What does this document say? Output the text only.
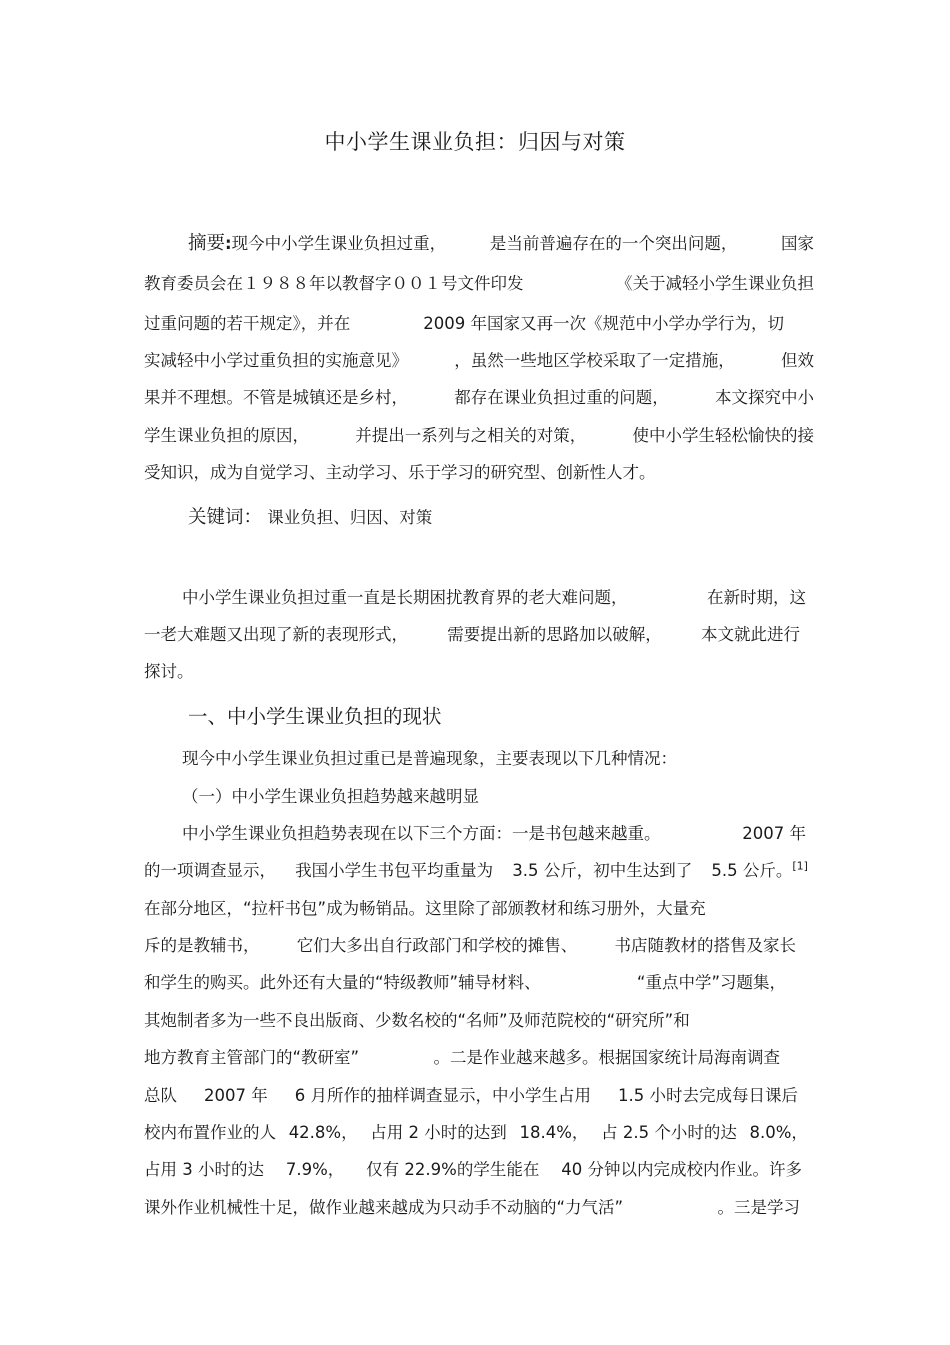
中小学生课业负担：归因与对策
摘要:现今中小学生课业负担过重，	是当前普遍存在的一个突出问题，	国家
教育委员会在１９８８年以教督字００１号文件印发	《关于减轻小学生课业负担
过重问题的若干规定》，并在	2009 年国家又再一次《规范中小学办学行为，切
实减轻中小学过重负担的实施意见》	，虽然一些地区学校采取了一定措施，	但效
果并不理想。不管是城镇还是乡村，	都存在课业负担过重的问题，	本文探究中小
学生课业负担的原因，	并提出一系列与之相关的对策，	使中小学生轻松愉快的接
受知识，成为自觉学习、主动学习、乐于学习的研究型、创新性人才。
关键词： 课业负担、归因、对策
中小学生课业负担过重一直是长期困扰教育界的老大难问题，	在新时期，这
一老大难题又出现了新的表现形式， 需要提出新的思路加以破解， 本文就此进行
探讨。
一、中小学生课业负担的现状
现今中小学生课业负担过重已是普遍现象，主要表现以下几种情况：
（一）中小学生课业负担趋势越来越明显
中小学生课业负担趋势表现在以下三个方面：一是书包越来越重。	2007 年
的一项调查显示， 我国小学生书包平均重量为 3.5 公斤，初中生达到了 5.5 公斤。[1]
在部分地区，“拉杆书包”成为畅销品。这里除了部颁教材和练习册外，大量充
斥的是教辅书， 它们大多出自行政部门和学校的摊售、 书店随教材的搭售及家长
和学生的购买。此外还有大量的“特级教师”辅导材料、	“重点中学”习题集，
其炮制者多为一些不良出版商、少数名校的“名师”及师范院校的“研究所”和
地方教育主管部门的“教研室”	。二是作业越来越多。根据国家统计局海南调查
总队 2007 年 6 月所作的抽样调查显示，中小学生占用 1.5 小时去完成每日课后
校内布置作业的人 42.8%， 占用 2 小时的达到 18.4%， 占 2.5 个小时的达 8.0%，
占用 3 小时的达 7.9%， 仅有 22.9%的学生能在 40 分钟以内完成校内作业。许多
课外作业机械性十足，做作业越来越成为只动手不动脑的“力气活”	。三是学习
